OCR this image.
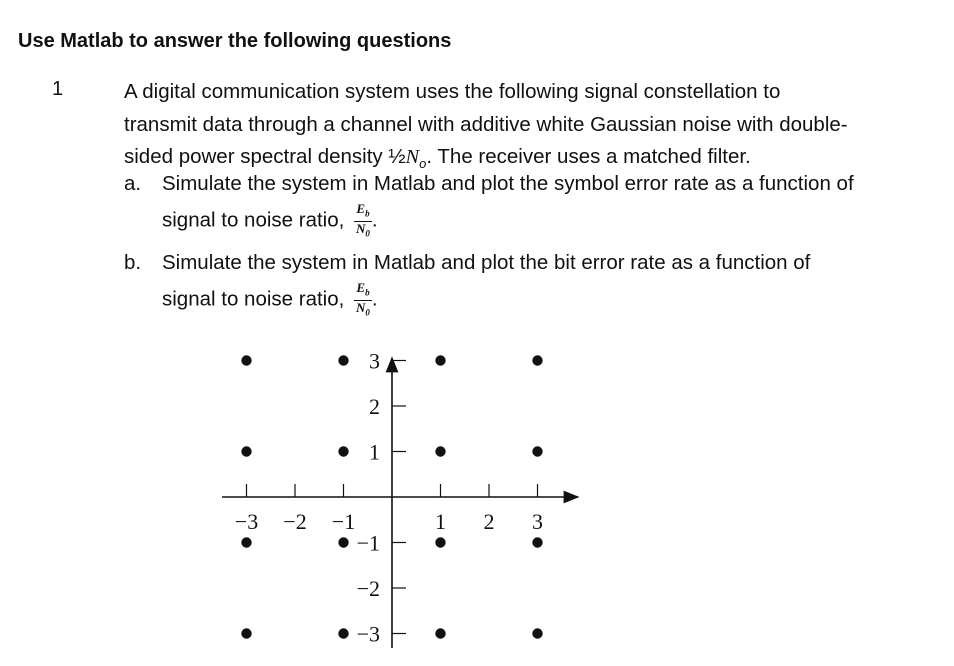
Use Matlab to answer the following questions
1	A digital communication system uses the following signal constellation to
transmit data through a channel with additive white Gaussian noise with double-
sided power spectral density $\frac{1}{2}N_o$. The receiver uses a matched filter.
a. Simulate the system in Matlab and plot the symbol error rate as a function of
signal to noise ratio, $\frac{E_b}{N_0}$ .
b. Simulate the system in Matlab and plot the bit error rate as a function of
signal to noise ratio, $\frac{E_b}{N_0}$ .
−3 −2 −1	1 2 3
3
2
1
−1
−2
−3
